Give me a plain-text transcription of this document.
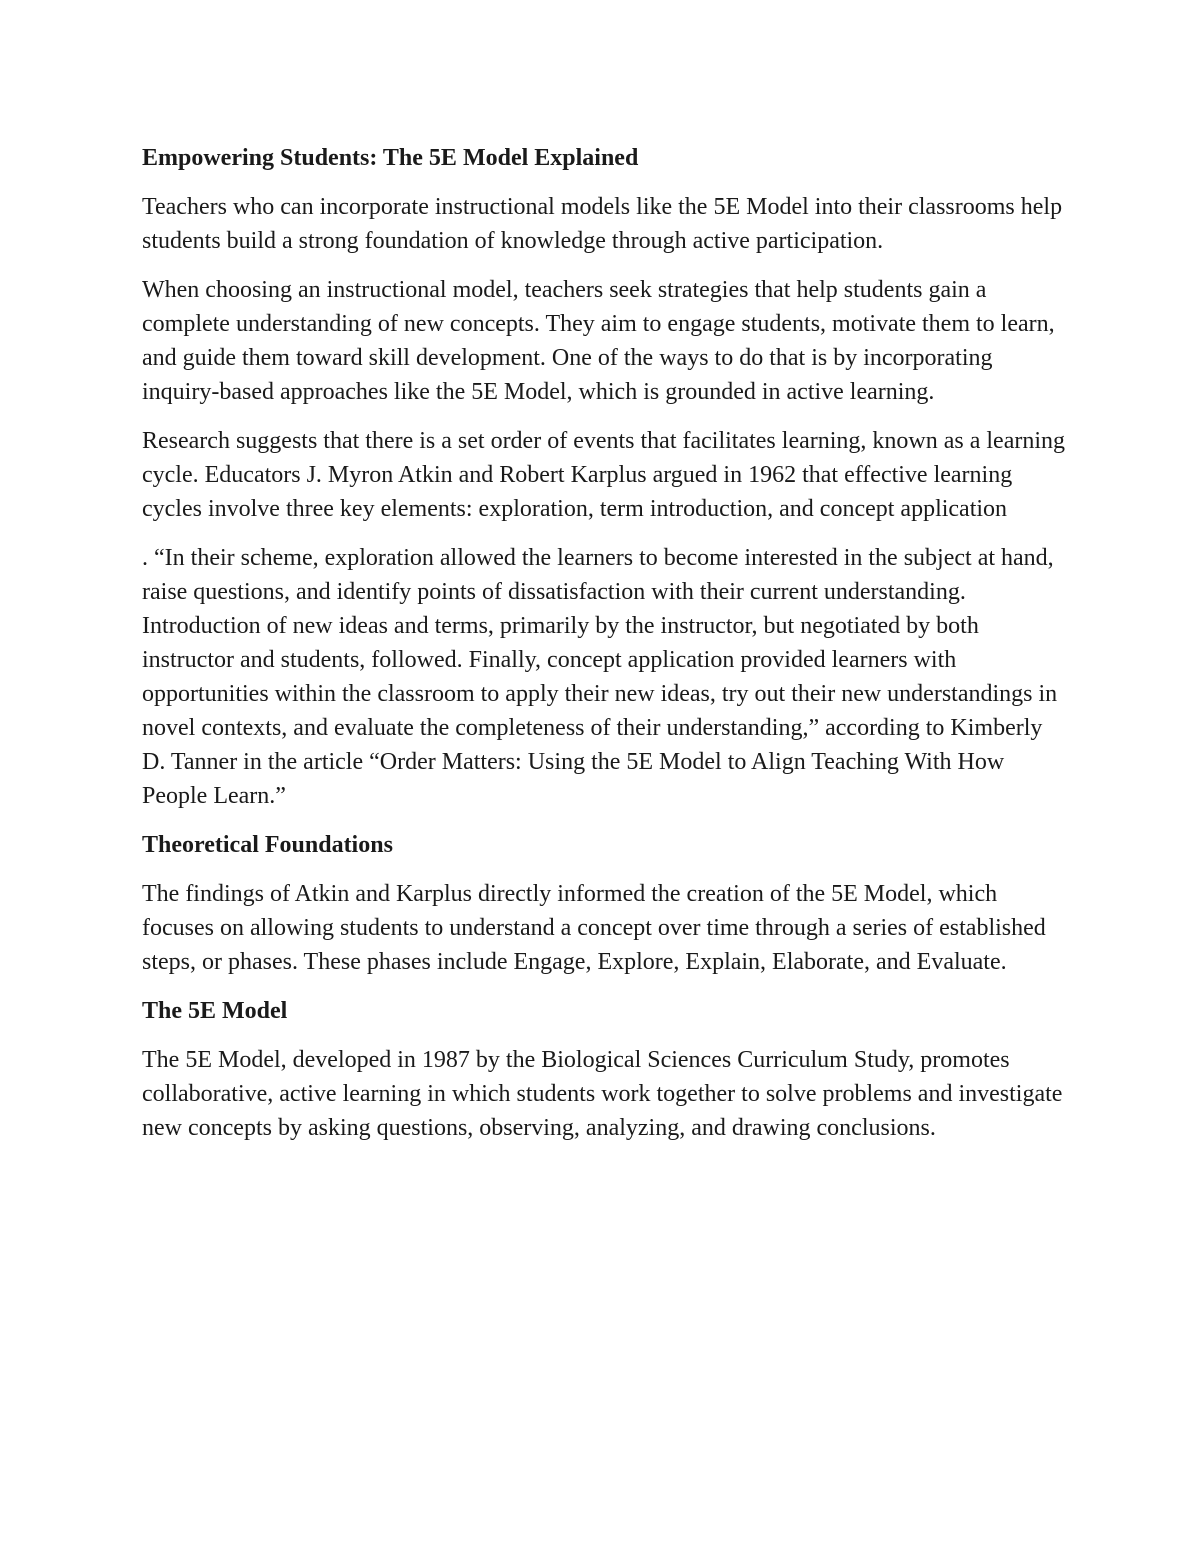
Empowering Students: The 5E Model Explained

Teachers who can incorporate instructional models like the 5E Model into their classrooms help students build a strong foundation of knowledge through active participation.

When choosing an instructional model, teachers seek strategies that help students gain a complete understanding of new concepts. They aim to engage students, motivate them to learn, and guide them toward skill development. One of the ways to do that is by incorporating inquiry-based approaches like the 5E Model, which is grounded in active learning.

Research suggests that there is a set order of events that facilitates learning, known as a learning cycle. Educators J. Myron Atkin and Robert Karplus argued in 1962 that effective learning cycles involve three key elements: exploration, term introduction, and concept application

. “In their scheme, exploration allowed the learners to become interested in the subject at hand, raise questions, and identify points of dissatisfaction with their current understanding. Introduction of new ideas and terms, primarily by the instructor, but negotiated by both instructor and students, followed. Finally, concept application provided learners with opportunities within the classroom to apply their new ideas, try out their new understandings in novel contexts, and evaluate the completeness of their understanding,” according to Kimberly D. Tanner in the article “Order Matters: Using the 5E Model to Align Teaching With How People Learn.”

Theoretical Foundations

The findings of Atkin and Karplus directly informed the creation of the 5E Model, which focuses on allowing students to understand a concept over time through a series of established steps, or phases. These phases include Engage, Explore, Explain, Elaborate, and Evaluate.

The 5E Model

The 5E Model, developed in 1987 by the Biological Sciences Curriculum Study, promotes collaborative, active learning in which students work together to solve problems and investigate new concepts by asking questions, observing, analyzing, and drawing conclusions.
